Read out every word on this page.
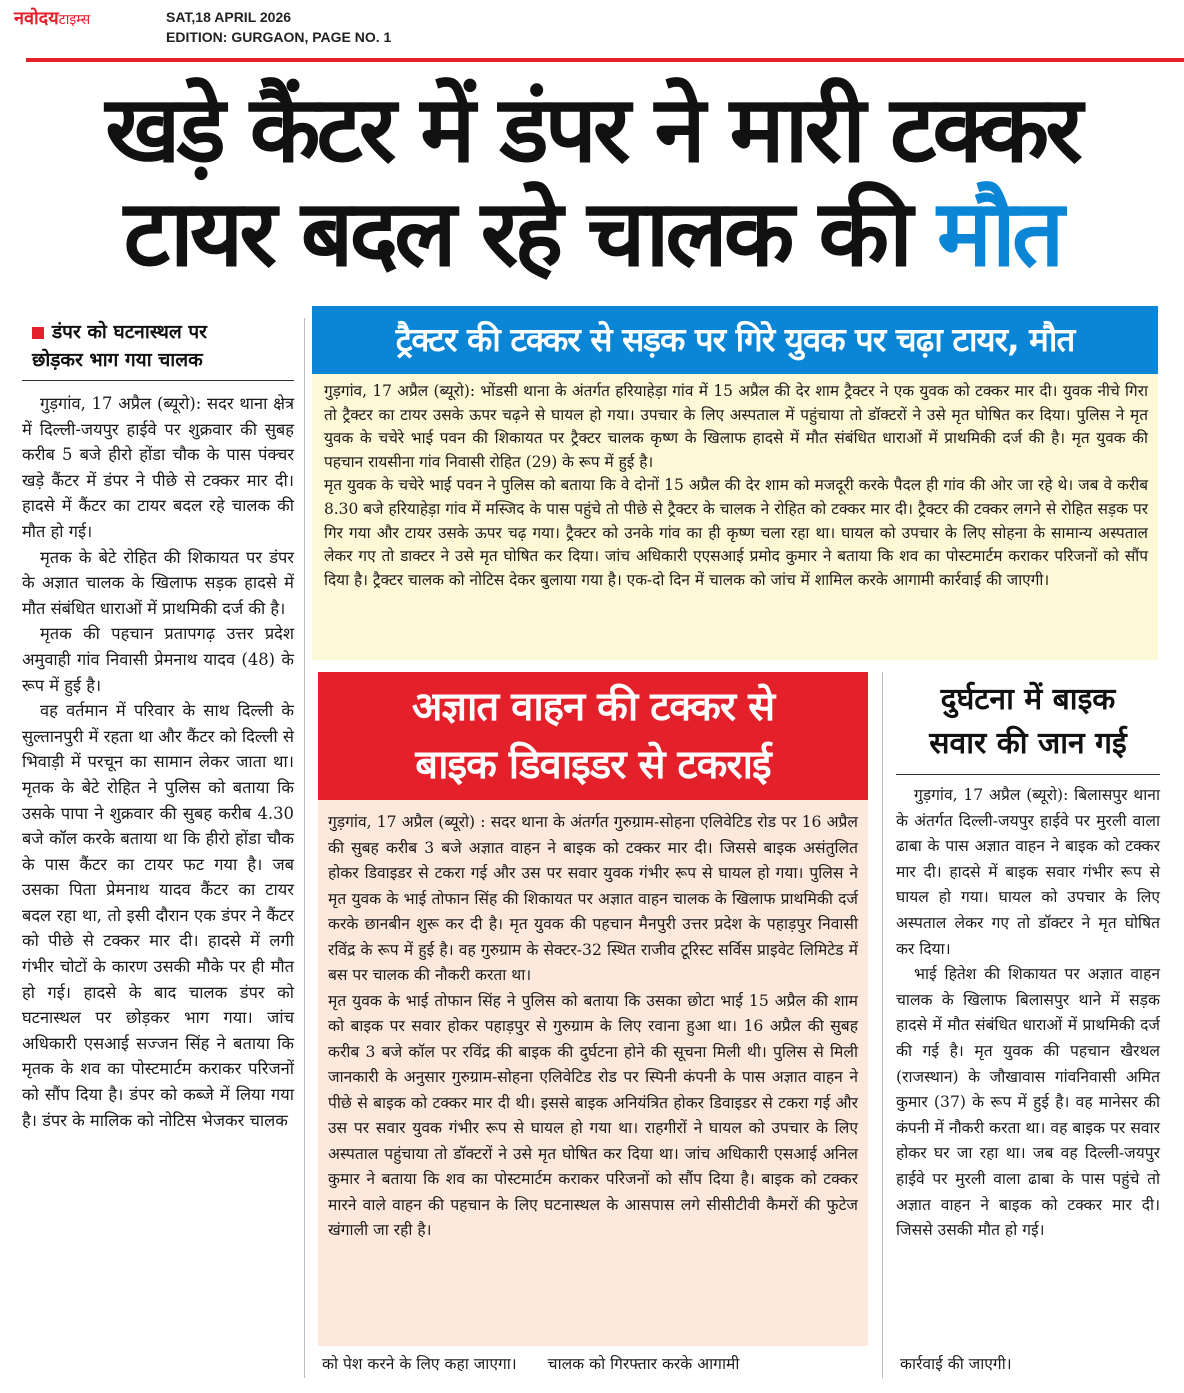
नवोदयटाइम्स	SAT,18 APRIL 2026
EDITION: GURGAON, PAGE NO. 1
खड़े कैंटर में डंपर ने मारी टक्कर
टायर बदल रहे चालक की मौत
डंपर को घटनास्थल पर
छोड़कर भाग गया चालक

गुड़गांव, 17 अप्रैल (ब्यूरो): सदर थाना क्षेत्र में दिल्ली-जयपुर हाईवे पर शुक्रवार की सुबह करीब 5 बजे हीरो होंडा चौक के पास पंक्चर खड़े कैंटर में डंपर ने पीछे से टक्कर मार दी। हादसे में कैंटर का टायर बदल रहे चालक की मौत हो गई।

मृतक के बेटे रोहित की शिकायत पर डंपर के अज्ञात चालक के खिलाफ सड़क हादसे में मौत संबंधित धाराओं में प्राथमिकी दर्ज की है।

मृतक की पहचान प्रतापगढ़ उत्तर प्रदेश अमुवाही गांव निवासी प्रेमनाथ यादव (48) के रूप में हुई है।

वह वर्तमान में परिवार के साथ दिल्ली के सुल्तानपुरी में रहता था और कैंटर को दिल्ली से भिवाड़ी में परचून का सामान लेकर जाता था। मृतक के बेटे रोहित ने पुलिस को बताया कि उसके पापा ने शुक्रवार की सुबह करीब 4.30 बजे कॉल करके बताया था कि हीरो होंडा चौक के पास कैंटर का टायर फट गया है। जब उसका पिता प्रेमनाथ यादव कैंटर का टायर बदल रहा था, तो इसी दौरान एक डंपर ने कैंटर को पीछे से टक्कर मार दी। हादसे में लगी गंभीर चोटों के कारण उसकी मौके पर ही मौत हो गई। हादसे के बाद चालक डंपर को घटनास्थल पर छोड़कर भाग गया। जांच अधिकारी एसआई सज्जन सिंह ने बताया कि मृतक के शव का पोस्टमार्टम कराकर परिजनों को सौंप दिया है। डंपर को कब्जे में लिया गया है। डंपर के मालिक को नोटिस भेजकर चालक

ट्रैक्टर की टक्कर से सड़क पर गिरे युवक पर चढ़ा टायर, मौत

गुड़गांव, 17 अप्रैल (ब्यूरो): भोंडसी थाना के अंतर्गत हरियाहेड़ा गांव में 15 अप्रैल की देर शाम ट्रैक्टर ने एक युवक को टक्कर मार दी। युवक नीचे गिरा तो ट्रैक्टर का टायर उसके ऊपर चढ़ने से घायल हो गया। उपचार के लिए अस्पताल में पहुंचाया तो डॉक्टरों ने उसे मृत घोषित कर दिया। पुलिस ने मृत युवक के चचेरे भाई पवन की शिकायत पर ट्रैक्टर चालक कृष्ण के खिलाफ हादसे में मौत संबंधित धाराओं में प्राथमिकी दर्ज की है। मृत युवक की पहचान रायसीना गांव निवासी रोहित (29) के रूप में हुई है।

मृत युवक के चचेरे भाई पवन ने पुलिस को बताया कि वे दोनों 15 अप्रैल की देर शाम को मजदूरी करके पैदल ही गांव की ओर जा रहे थे। जब वे करीब 8.30 बजे हरियाहेड़ा गांव में मस्जिद के पास पहुंचे तो पीछे से ट्रैक्टर के चालक ने रोहित को टक्कर मार दी। ट्रैक्टर की टक्कर लगने से रोहित सड़क पर गिर गया और टायर उसके ऊपर चढ़ गया। ट्रैक्टर को उनके गांव का ही कृष्ण चला रहा था। घायल को उपचार के लिए सोहना के सामान्य अस्पताल लेकर गए तो डाक्टर ने उसे मृत घोषित कर दिया। जांच अधिकारी एएसआई प्रमोद कुमार ने बताया कि शव का पोस्टमार्टम कराकर परिजनों को सौंप दिया है। ट्रैक्टर चालक को नोटिस देकर बुलाया गया है। एक-दो दिन में चालक को जांच में शामिल करके आगामी कार्रवाई की जाएगी।

अज्ञात वाहन की टक्कर से
बाइक डिवाइडर से टकराई

गुड़गांव, 17 अप्रैल (ब्यूरो) : सदर थाना के अंतर्गत गुरुग्राम-सोहना एलिवेटिड रोड पर 16 अप्रैल की सुबह करीब 3 बजे अज्ञात वाहन ने बाइक को टक्कर मार दी। जिससे बाइक असंतुलित होकर डिवाइडर से टकरा गई और उस पर सवार युवक गंभीर रूप से घायल हो गया। पुलिस ने मृत युवक के भाई तोफान सिंह की शिकायत पर अज्ञात वाहन चालक के खिलाफ प्राथमिकी दर्ज करके छानबीन शुरू कर दी है। मृत युवक की पहचान मैनपुरी उत्तर प्रदेश के पहाड़पुर निवासी रविंद्र के रूप में हुई है। वह गुरुग्राम के सेक्टर-32 स्थित राजीव टूरिस्ट सर्विस प्राइवेट लिमिटेड में बस पर चालक की नौकरी करता था।

मृत युवक के भाई तोफान सिंह ने पुलिस को बताया कि उसका छोटा भाई 15 अप्रैल की शाम को बाइक पर सवार होकर पहाड़पुर से गुरुग्राम के लिए रवाना हुआ था। 16 अप्रैल की सुबह करीब 3 बजे कॉल पर रविंद्र की बाइक की दुर्घटना होने की सूचना मिली थी। पुलिस से मिली जानकारी के अनुसार गुरुग्राम-सोहना एलिवेटिड रोड पर स्पिनी कंपनी के पास अज्ञात वाहन ने पीछे से बाइक को टक्कर मार दी थी। इससे बाइक अनियंत्रित होकर डिवाइडर से टकरा गई और उस पर सवार युवक गंभीर रूप से घायल हो गया था। राहगीरों ने घायल को उपचार के लिए अस्पताल पहुंचाया तो डॉक्टरों ने उसे मृत घोषित कर दिया था। जांच अधिकारी एसआई अनिल कुमार ने बताया कि शव का पोस्टमार्टम कराकर परिजनों को सौंप दिया है। बाइक को टक्कर मारने वाले वाहन की पहचान के लिए घटनास्थल के आसपास लगे सीसीटीवी कैमरों की फुटेज खंगाली जा रही है।

को पेश करने के लिए कहा जाएगा। चालक को गिरफ्तार करके आगामी
दुर्घटना में बाइक
सवार की जान गई

गुड़गांव, 17 अप्रैल (ब्यूरो): बिलासपुर थाना के अंतर्गत दिल्ली-जयपुर हाईवे पर मुरली वाला ढाबा के पास अज्ञात वाहन ने बाइक को टक्कर मार दी। हादसे में बाइक सवार गंभीर रूप से घायल हो गया। घायल को उपचार के लिए अस्पताल लेकर गए तो डॉक्टर ने मृत घोषित कर दिया।

भाई हितेश की शिकायत पर अज्ञात वाहन चालक के खिलाफ बिलासपुर थाने में सड़क हादसे में मौत संबंधित धाराओं में प्राथमिकी दर्ज की गई है। मृत युवक की पहचान खैरथल (राजस्थान) के जौखावास गांवनिवासी अमित कुमार (37) के रूप में हुई है। वह मानेसर की कंपनी में नौकरी करता था। वह बाइक पर सवार होकर घर जा रहा था। जब वह दिल्ली-जयपुर हाईवे पर मुरली वाला ढाबा के पास पहुंचे तो अज्ञात वाहन ने बाइक को टक्कर मार दी। जिससे उसकी मौत हो गई।

कार्रवाई की जाएगी।
